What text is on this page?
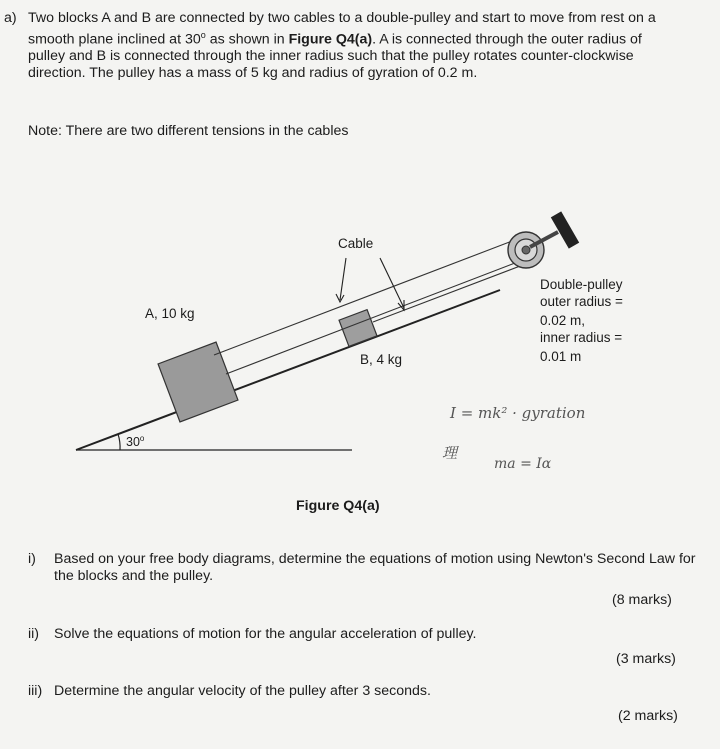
a) Two blocks A and B are connected by two cables to a double-pulley and start to move from rest on a smooth plane inclined at 30$^o$ as shown in Figure Q4(a). A is connected through the outer radius of pulley and B is connected through the inner radius such that the pulley rotates counter-clockwise direction. The pulley has a mass of 5 kg and radius of gyration of 0.2 m.
Note: There are two different tensions in the cables
Cable
A, 10 kg
B, 4 kg
30$^o$
Double-pulley
outer radius =
0.02 m,
inner radius =
0.01 m
I = mk² · gyration
理
ma = Iα
Figure Q4(a)
i) Based on your free body diagrams, determine the equations of motion using Newton's Second Law for the blocks and the pulley.
(8 marks)
ii) Solve the equations of motion for the angular acceleration of pulley.
(3 marks)
iii) Determine the angular velocity of the pulley after 3 seconds.
(2 marks)
